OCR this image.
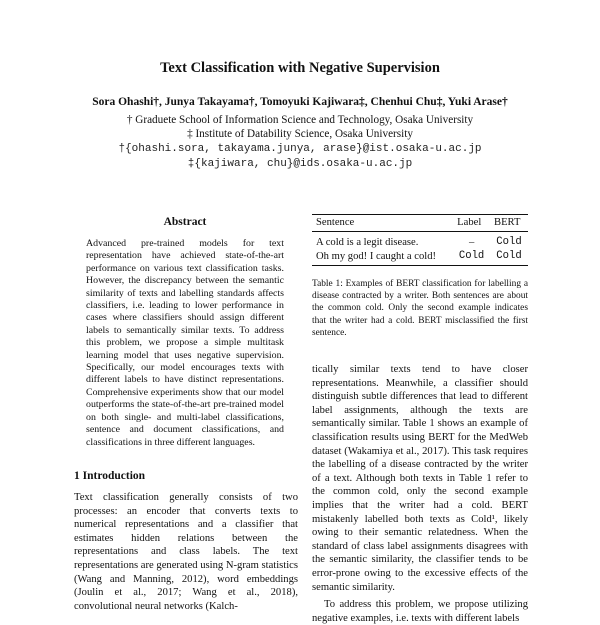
Text Classification with Negative Supervision
Sora Ohashi†, Junya Takayama†, Tomoyuki Kajiwara‡, Chenhui Chu‡, Yuki Arase†
† Graduete School of Information Science and Technology, Osaka University
‡ Institute of Datability Science, Osaka University
†{ohashi.sora, takayama.junya, arase}@ist.osaka-u.ac.jp
‡{kajiwara, chu}@ids.osaka-u.ac.jp
Abstract
Advanced pre-trained models for text representation have achieved state-of-the-art performance on various text classification tasks. However, the discrepancy between the semantic similarity of texts and labelling standards affects classifiers, i.e. leading to lower performance in cases where classifiers should assign different labels to semantically similar texts. To address this problem, we propose a simple multitask learning model that uses negative supervision. Specifically, our model encourages texts with different labels to have distinct representations. Comprehensive experiments show that our model outperforms the state-of-the-art pre-trained model on both single- and multi-label classifications, sentence and document classifications, and classifications in three different languages.
1 Introduction
Text classification generally consists of two processes: an encoder that converts texts to numerical representations and a classifier that estimates hidden relations between the representations and class labels. The text representations are generated using N-gram statistics (Wang and Manning, 2012), word embeddings (Joulin et al., 2017; Wang et al., 2018), convolutional neural networks (Kalch-
Sentence	Label	BERT
A cold is a legit disease.	–	Cold
Oh my god! I caught a cold!	Cold	Cold
Table 1: Examples of BERT classification for labelling a disease contracted by a writer. Both sentences are about the common cold. Only the second example indicates that the writer had a cold. BERT misclassified the first sentence.

tically similar texts tend to have closer representations. Meanwhile, a classifier should distinguish subtle differences that lead to different label assignments, although the texts are semantically similar. Table 1 shows an example of classification results using BERT for the MedWeb dataset (Wakamiya et al., 2017). This task requires the labelling of a disease contracted by the writer of a text. Although both texts in Table 1 refer to the common cold, only the second example implies that the writer had a cold. BERT mistakenly labelled both texts as Cold¹, likely owing to their semantic relatedness. When the standard of class label assignments disagrees with the semantic similarity, the classifier tends to be error-prone owing to the excessive effects of the semantic similarity.

To address this problem, we propose utilizing negative examples, i.e. texts with different labels
